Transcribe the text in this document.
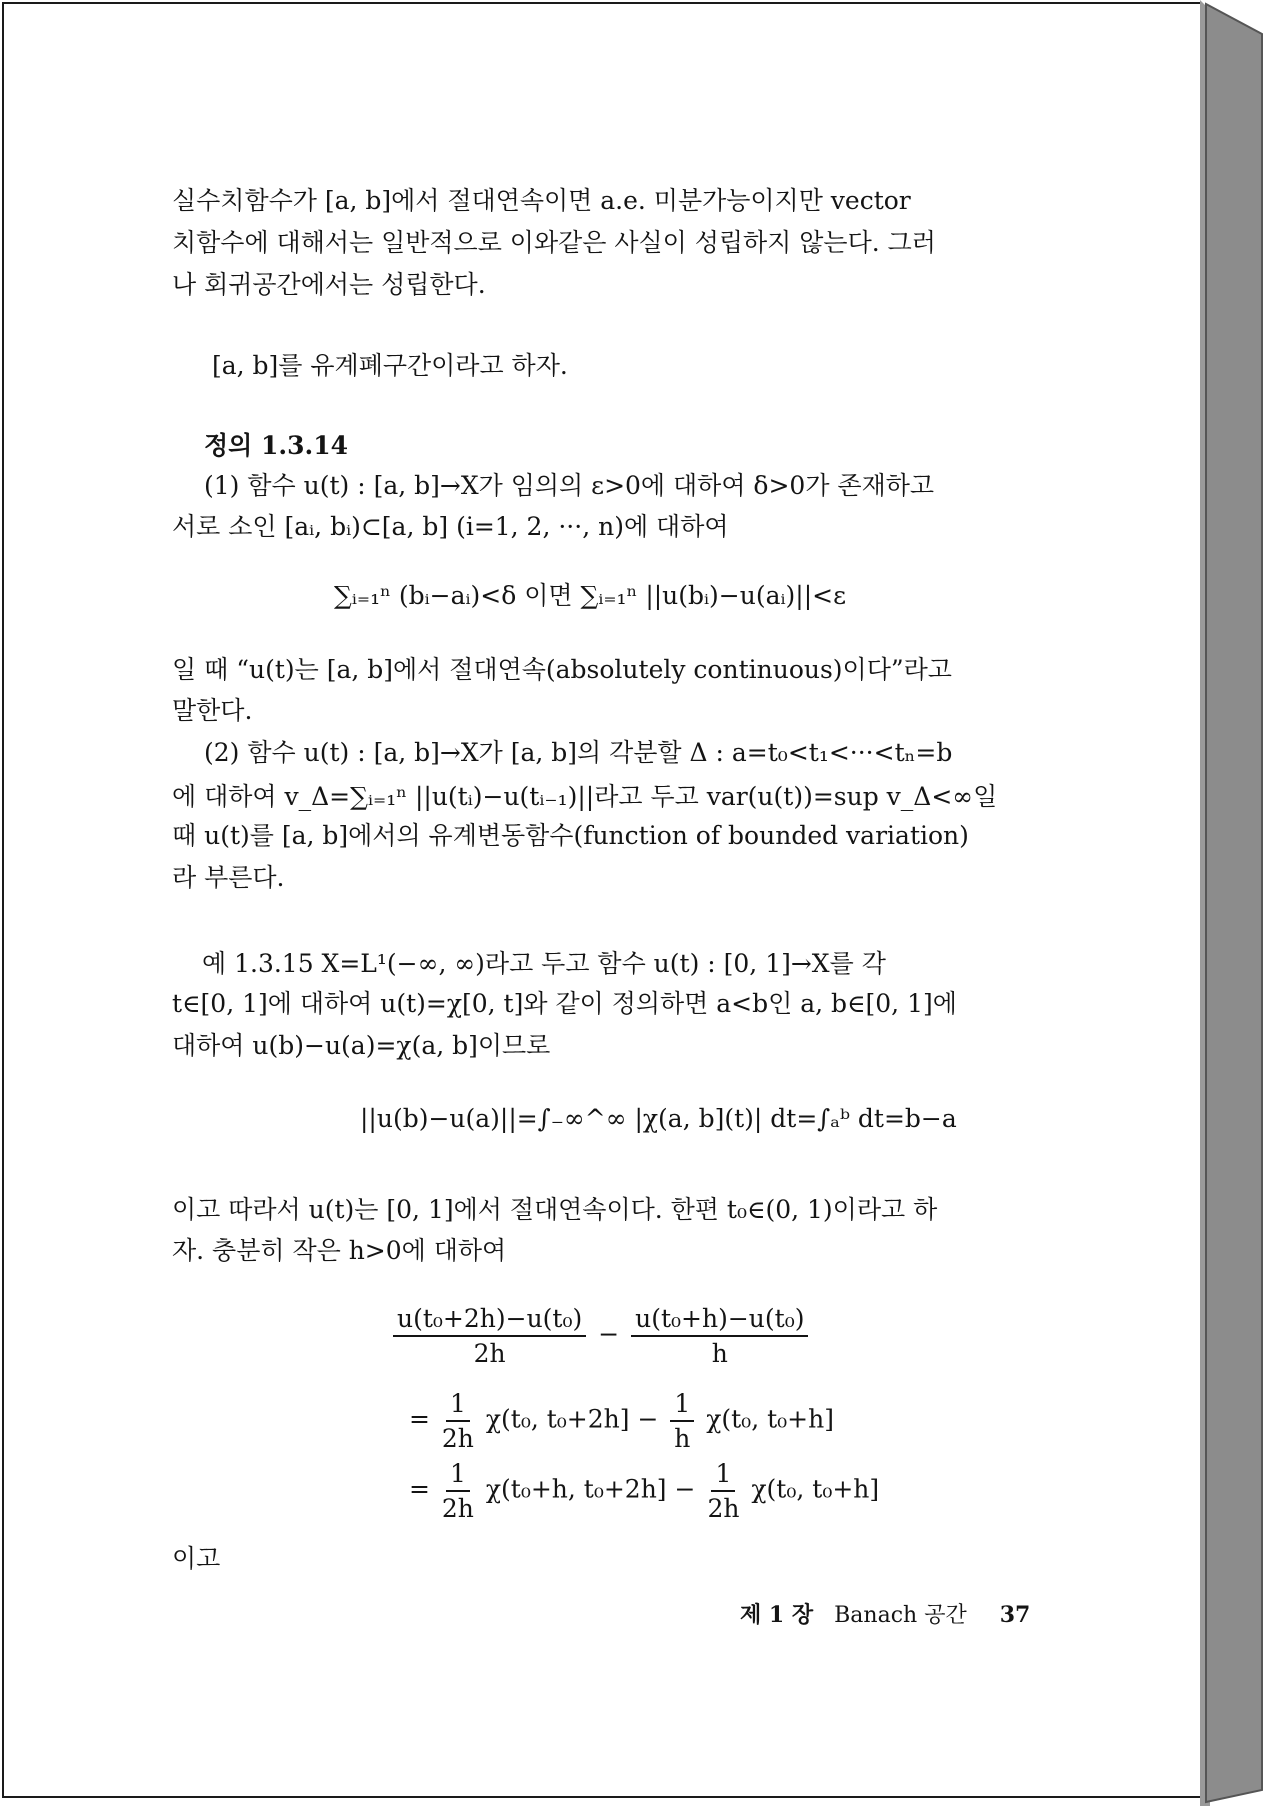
실수치함수가 [a, b]에서 절대연속이면 a.e. 미분가능이지만 vector
치함수에 대해서는 일반적으로 이와같은 사실이 성립하지 않는다. 그러
나 회귀공간에서는 성립한다.
[a, b]를 유계폐구간이라고 하자.
정의 1.3.14
(1) 함수 u(t) : [a, b]→X가 임의의 ε>0에 대하여 δ>0가 존재하고
서로 소인 [aᵢ, bᵢ)⊂[a, b] (i=1, 2, ···, n)에 대하여
∑ᵢ₌₁ⁿ (bᵢ−aᵢ)<δ 이면 ∑ᵢ₌₁ⁿ ||u(bᵢ)−u(aᵢ)||<ε
일 때 “u(t)는 [a, b]에서 절대연속(absolutely continuous)이다”라고
말한다.
(2) 함수 u(t) : [a, b]→X가 [a, b]의 각분할 Δ : a=t₀<t₁<···<tₙ=b
에 대하여 v_Δ=∑ᵢ₌₁ⁿ ||u(tᵢ)−u(tᵢ₋₁)||라고 두고 var(u(t))=sup v_Δ<∞일
때 u(t)를 [a, b]에서의 유계변동함수(function of bounded variation)
라 부른다.
예 1.3.15 X=L¹(−∞, ∞)라고 두고 함수 u(t) : [0, 1]→X를 각
t∈[0, 1]에 대하여 u(t)=χ[0, t]와 같이 정의하면 a<b인 a, b∈[0, 1]에
대하여 u(b)−u(a)=χ(a, b]이므로
||u(b)−u(a)||=∫₋∞^∞ |χ(a, b](t)| dt=∫ₐᵇ dt=b−a
이고 따라서 u(t)는 [0, 1]에서 절대연속이다. 한편 t₀∈(0, 1)이라고 하
자. 충분히 작은 h>0에 대하여
$\frac{\text{u(t₀+2h)−u(t₀)}}{2h} - \frac{\text{u(t₀+h)−u(t₀)}}{h}$
= $\frac{1}{2h} \chi(t_0$, $t_0+2h] - \frac{1}{h} \chi(t_0$, t₀+h]
= $\frac{1}{2h} \chi(t_0+h$, $t_0+2h] - \frac{1}{2h} \chi(t_0$, t₀+h]
이고
제 1 장 Banach 공간 37
